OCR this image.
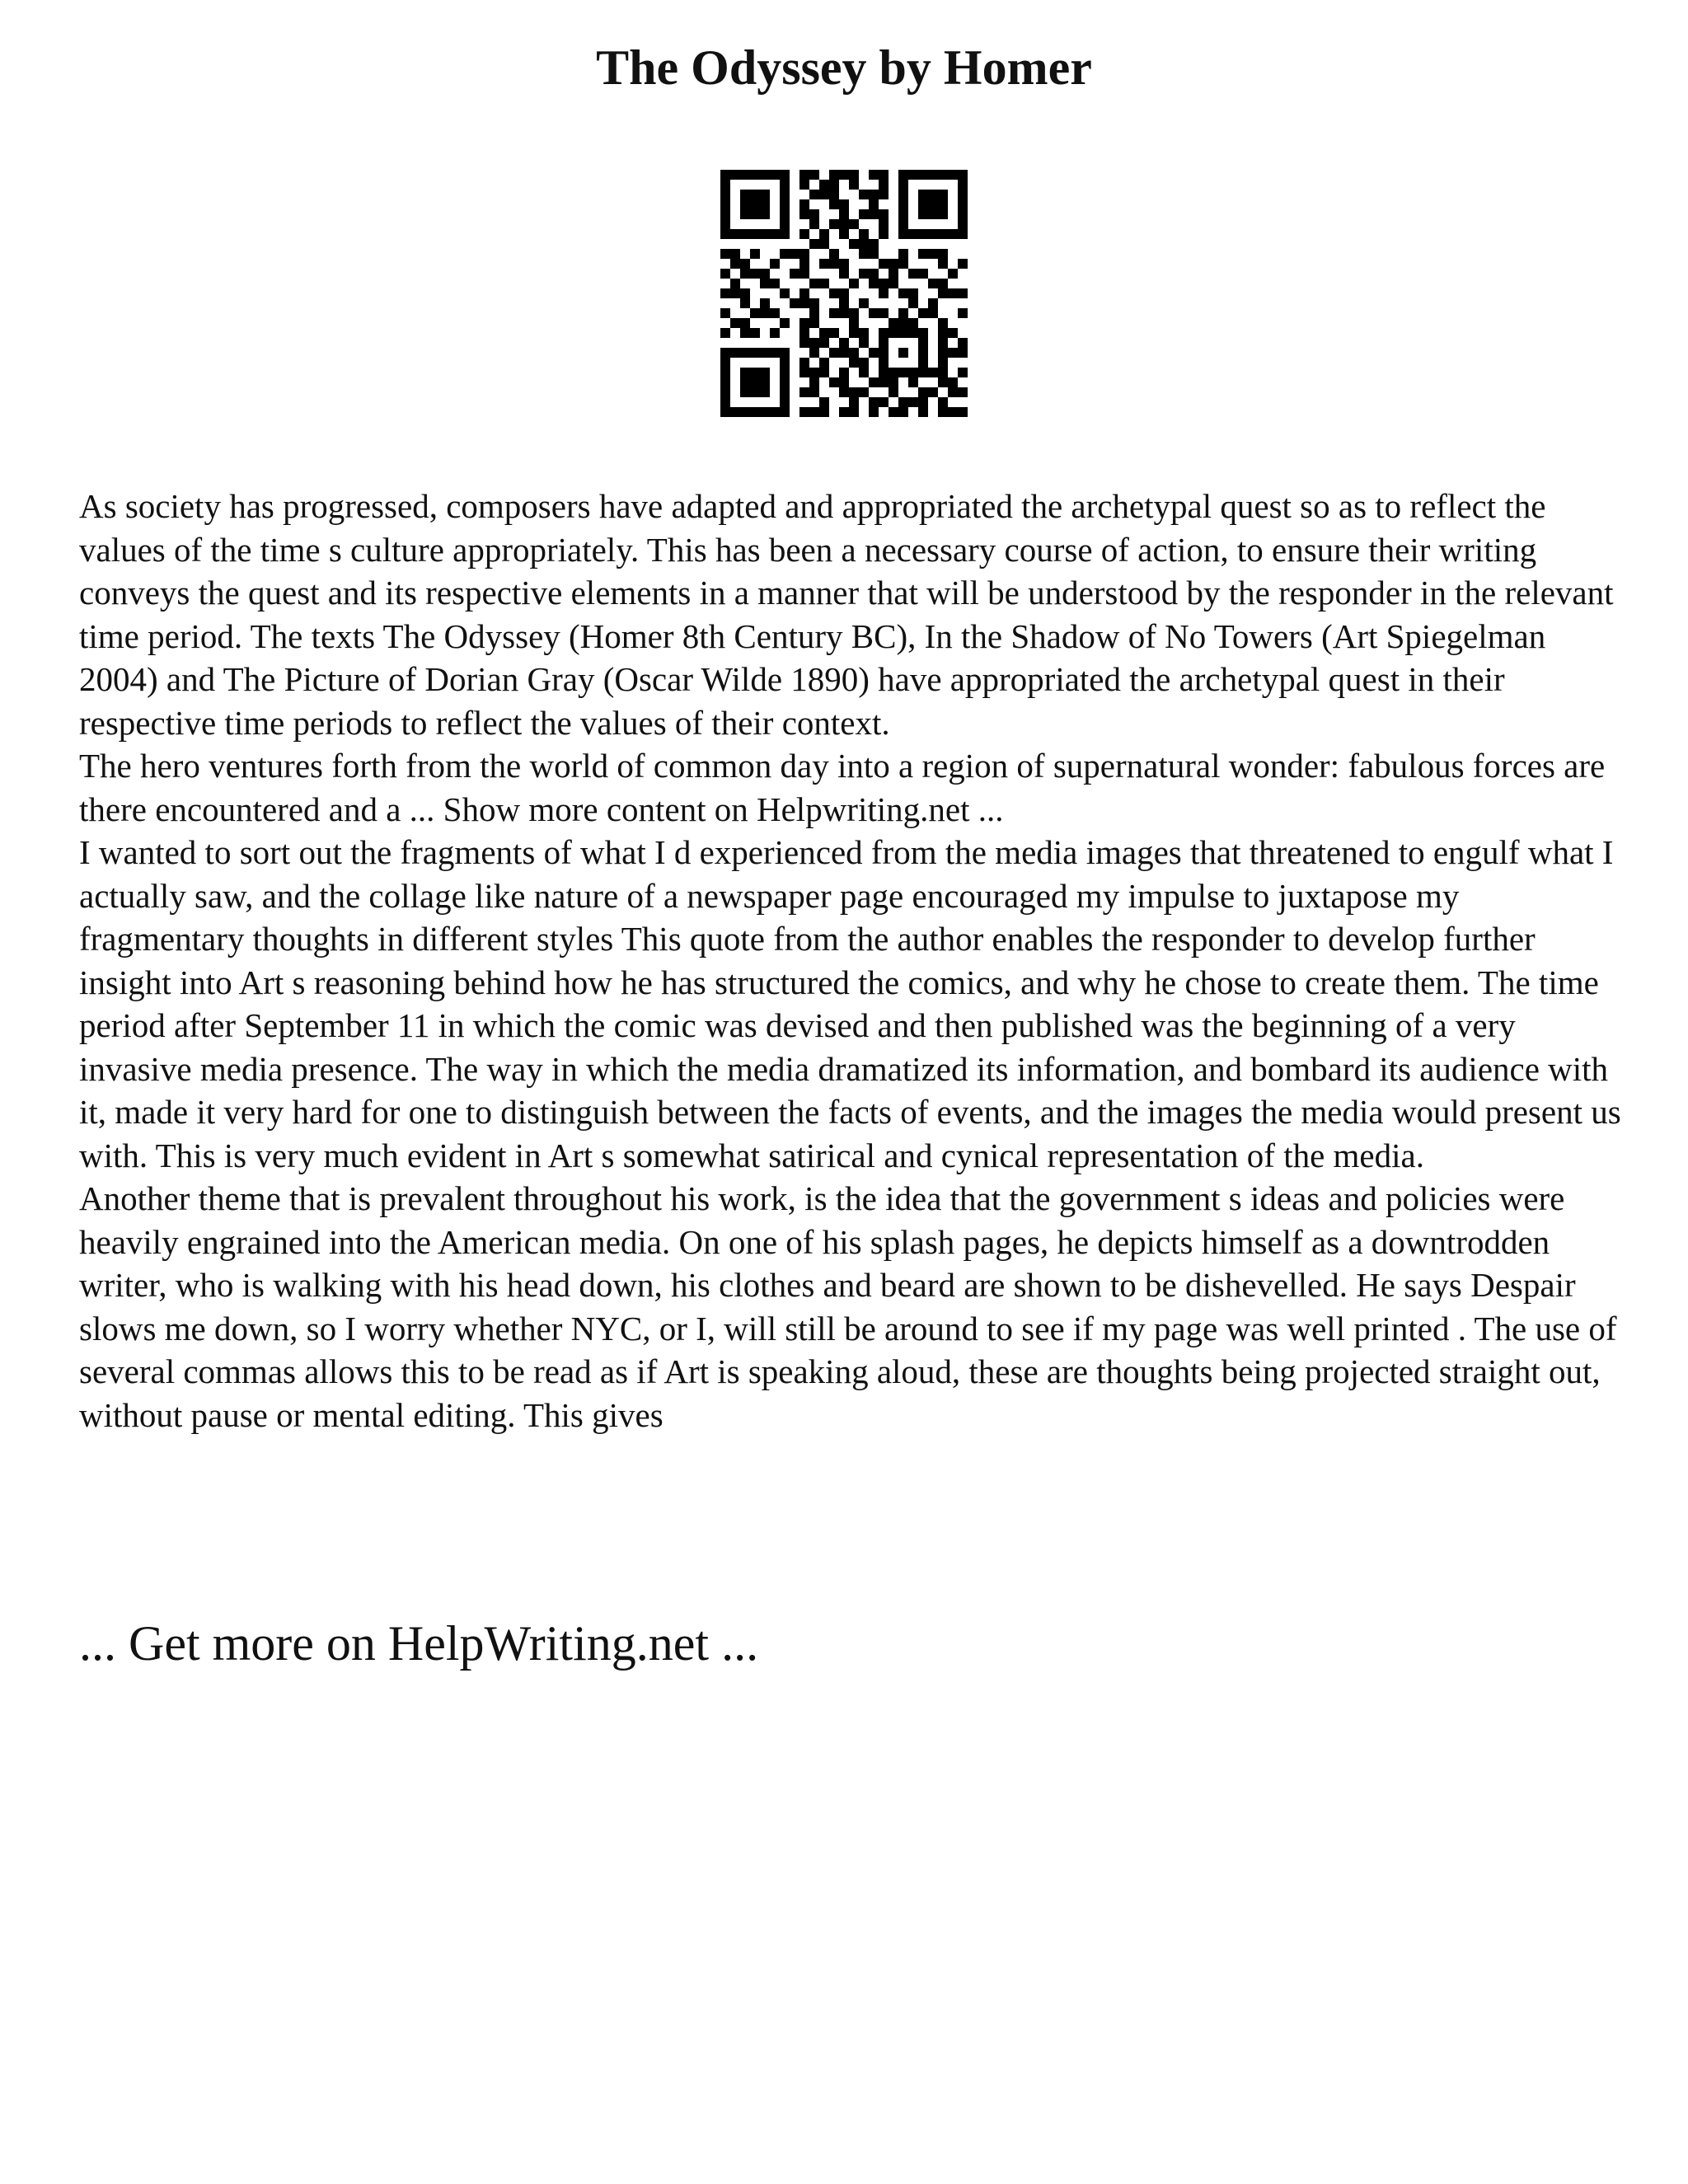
The Odyssey by Homer

As society has progressed, composers have adapted and appropriated the archetypal quest so as to reflect the values of the time s culture appropriately. This has been a necessary course of action, to ensure their writing conveys the quest and its respective elements in a manner that will be understood by the responder in the relevant time period. The texts The Odyssey (Homer 8th Century BC), In the Shadow of No Towers (Art Spiegelman 2004) and The Picture of Dorian Gray (Oscar Wilde 1890) have appropriated the archetypal quest in their respective time periods to reflect the values of their context.

The hero ventures forth from the world of common day into a region of supernatural wonder: fabulous forces are there encountered and a ... Show more content on Helpwriting.net ...

I wanted to sort out the fragments of what I d experienced from the media images that threatened to engulf what I actually saw, and the collage like nature of a newspaper page encouraged my impulse to juxtapose my fragmentary thoughts in different styles This quote from the author enables the responder to develop further insight into Art s reasoning behind how he has structured the comics, and why he chose to create them. The time period after September 11 in which the comic was devised and then published was the beginning of a very invasive media presence. The way in which the media dramatized its information, and bombard its audience with it, made it very hard for one to distinguish between the facts of events, and the images the media would present us with. This is very much evident in Art s somewhat satirical and cynical representation of the media.

Another theme that is prevalent throughout his work, is the idea that the government s ideas and policies were heavily engrained into the American media. On one of his splash pages, he depicts himself as a downtrodden writer, who is walking with his head down, his clothes and beard are shown to be dishevelled. He says Despair slows me down, so I worry whether NYC, or I, will still be around to see if my page was well printed . The use of several commas allows this to be read as if Art is speaking aloud, these are thoughts being projected straight out, without pause or mental editing. This gives

... Get more on HelpWriting.net ...
